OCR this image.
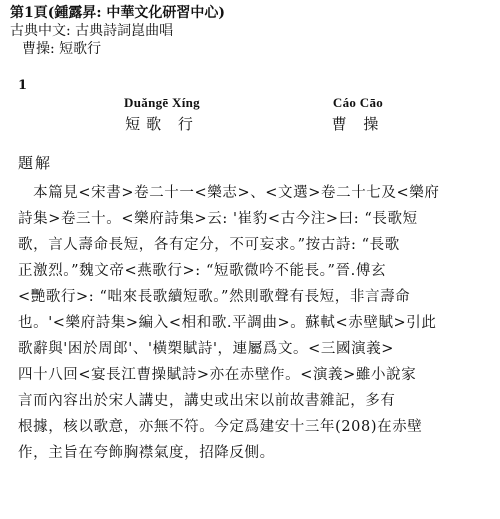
第1頁(鍾露昇: 中華文化研習中心)
古典中文: 古典詩詞崑曲唱
曹操: 短歌行
1
Duǎngē Xíng
短歌 行
Cáo Cāo
曹 操
題解
　本篇見<宋書>卷二十一<樂志>、<文選>卷二十七及<樂府
詩集>卷三十。<樂府詩集>云: '崔豹<古今注>曰: “長歌短
歌，言人壽命長短，各有定分，不可妄求。”按古詩: “長歌
正激烈。”魏文帝<燕歌行>: “短歌微吟不能長。”晉.傅玄
<艷歌行>: “咄來長歌續短歌。”然則歌聲有長短，非言壽命
也。'<樂府詩集>編入<相和歌.平調曲>。蘇軾<赤壁賦>引此
歌辭與'困於周郎'、'橫槊賦詩'，連屬爲文。<三國演義>
四十八回<宴長江曹操賦詩>亦在赤壁作。<演義>雖小說家
言而內容出於宋人講史，講史或出宋以前故書雜記，多有
根據，核以歌意，亦無不符。今定爲建安十三年(208)在赤壁
作，主旨在夸飾胸襟氣度，招降反側。
